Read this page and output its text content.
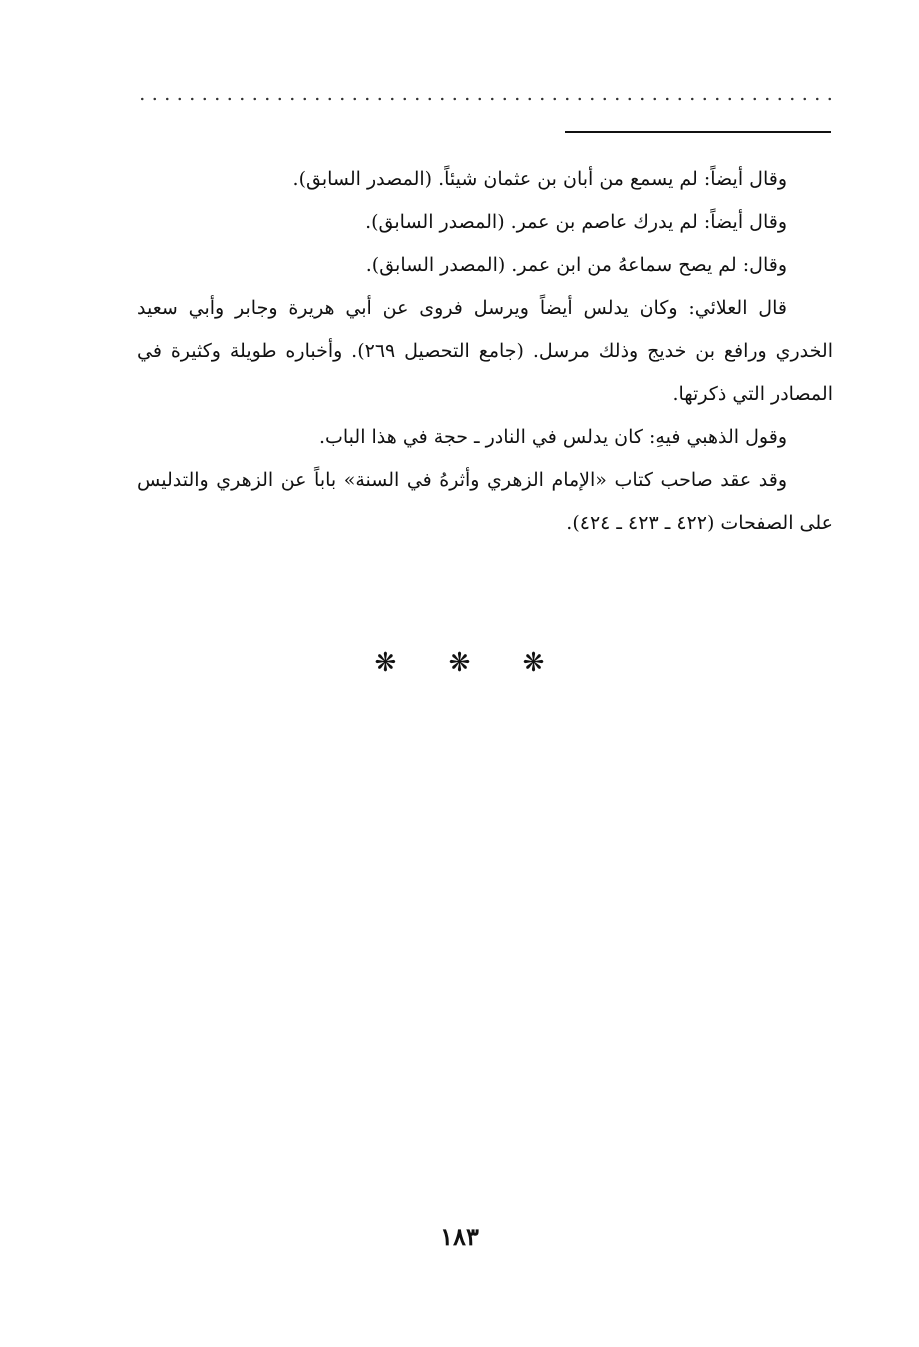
وقال أيضاً: لم يسمع من أبان بن عثمان شيئاً. (المصدر السابق).

وقال أيضاً: لم يدرك عاصم بن عمر. (المصدر السابق).

وقال: لم يصح سماعهُ من ابن عمر. (المصدر السابق).

قال العلائي: وكان يدلس أيضاً ويرسل فروى عن أبي هريرة وجابر وأبي سعيد الخدري ورافع بن خديج وذلك مرسل. (جامع التحصيل ٢٦٩). وأخباره طويلة وكثيرة في المصادر التي ذكرتها.

وقول الذهبي فيهِ: كان يدلس في النادر ـ حجة في هذا الباب.

وقد عقد صاحب كتاب «الإمام الزهري وأثرهُ في السنة» باباً عن الزهري والتدليس على الصفحات (٤٢٢ ـ ٤٢٣ ـ ٤٢٤).

❋ ❋ ❋
١٨٣
